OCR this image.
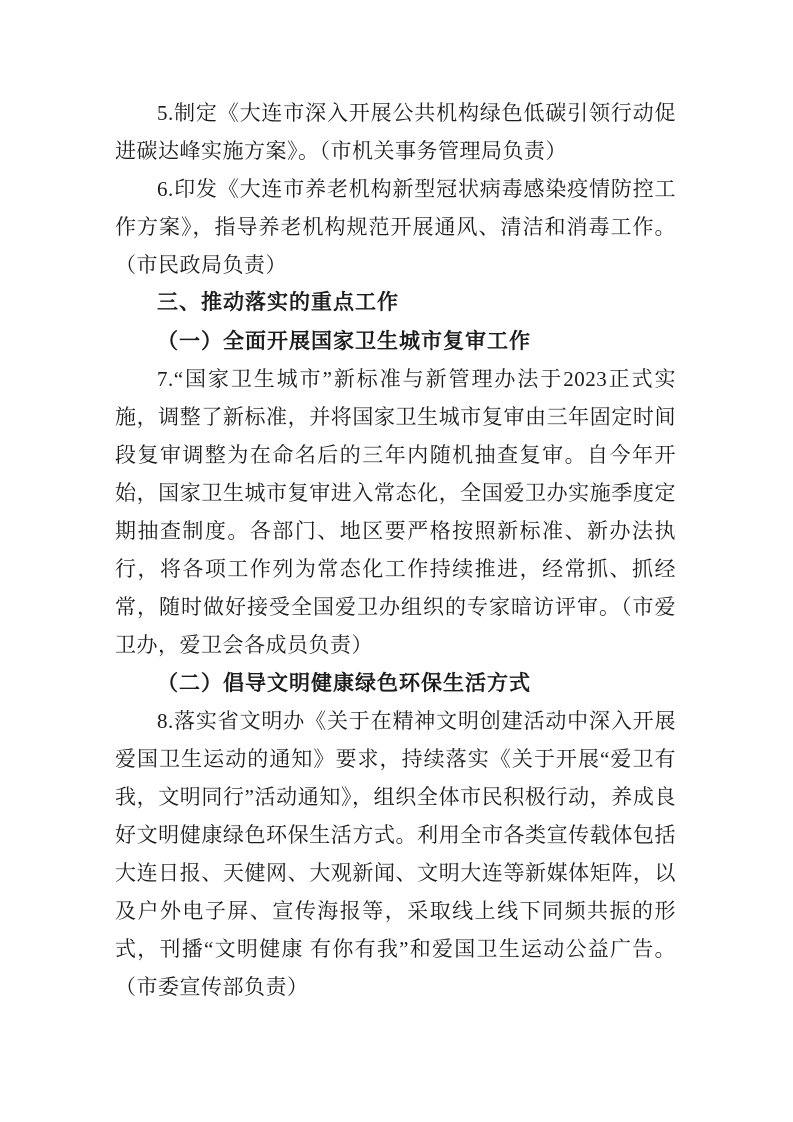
5.制定《大连市深入开展公共机构绿色低碳引领行动促进碳达峰实施方案》。（市机关事务管理局负责）

6.印发《大连市养老机构新型冠状病毒感染疫情防控工作方案》，指导养老机构规范开展通风、清洁和消毒工作。（市民政局负责）

三、推动落实的重点工作

（一）全面开展国家卫生城市复审工作

7.“国家卫生城市”新标准与新管理办法于2023正式实施，调整了新标准，并将国家卫生城市复审由三年固定时间段复审调整为在命名后的三年内随机抽查复审。自今年开始，国家卫生城市复审进入常态化，全国爱卫办实施季度定期抽查制度。各部门、地区要严格按照新标准、新办法执行，将各项工作列为常态化工作持续推进，经常抓、抓经常，随时做好接受全国爱卫办组织的专家暗访评审。（市爱卫办，爱卫会各成员负责）

（二）倡导文明健康绿色环保生活方式

8.落实省文明办《关于在精神文明创建活动中深入开展爱国卫生运动的通知》要求，持续落实《关于开展“爱卫有我，文明同行”活动通知》，组织全体市民积极行动，养成良好文明健康绿色环保生活方式。利用全市各类宣传载体包括大连日报、天健网、大观新闻、文明大连等新媒体矩阵，以及户外电子屏、宣传海报等，采取线上线下同频共振的形式，刊播“文明健康 有你有我”和爱国卫生运动公益广告。（市委宣传部负责）
